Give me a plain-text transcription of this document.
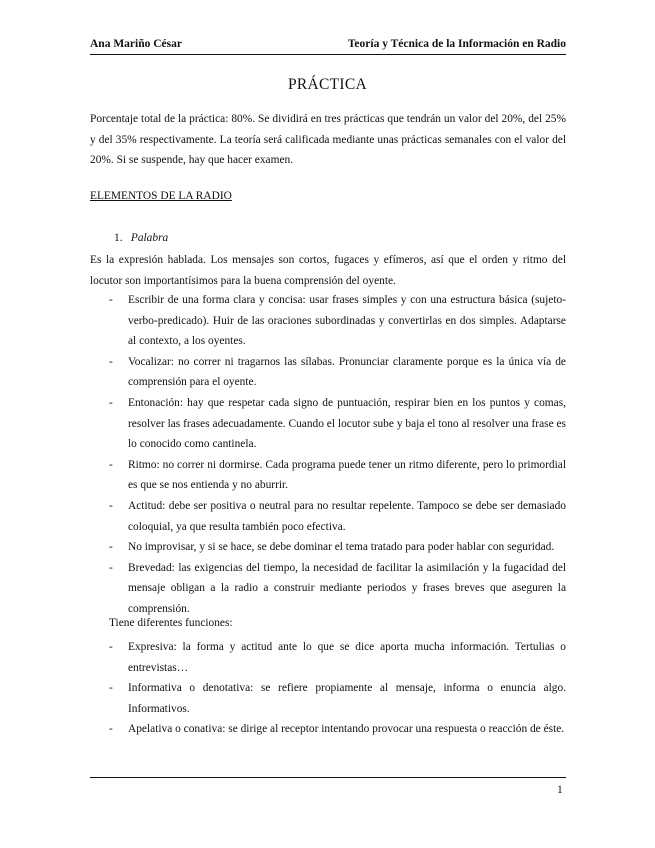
Ana Mariño César	Teoría y Técnica de la Información en Radio
PRÁCTICA
Porcentaje total de la práctica: 80%. Se dividirá en tres prácticas que tendrán un valor del 20%, del 25% y del 35% respectivamente. La teoría será calificada mediante unas prácticas semanales con el valor del 20%. Si se suspende, hay que hacer examen.
ELEMENTOS DE LA RADIO
1. Palabra
Es la expresión hablada. Los mensajes son cortos, fugaces y efímeros, así que el orden y ritmo del locutor son importantísimos para la buena comprensión del oyente.
- Escribir de una forma clara y concisa: usar frases simples y con una estructura básica (sujeto-verbo-predicado). Huir de las oraciones subordinadas y convertirlas en dos simples. Adaptarse al contexto, a los oyentes.
- Vocalizar: no correr ni tragarnos las sílabas. Pronunciar claramente porque es la única vía de comprensión para el oyente.
- Entonación: hay que respetar cada signo de puntuación, respirar bien en los puntos y comas, resolver las frases adecuadamente. Cuando el locutor sube y baja el tono al resolver una frase es lo conocido como cantinela.
- Ritmo: no correr ni dormirse. Cada programa puede tener un ritmo diferente, pero lo primordial es que se nos entienda y no aburrir.
- Actitud: debe ser positiva o neutral para no resultar repelente. Tampoco se debe ser demasiado coloquial, ya que resulta también poco efectiva.
- No improvisar, y si se hace, se debe dominar el tema tratado para poder hablar con seguridad.
- Brevedad: las exigencias del tiempo, la necesidad de facilitar la asimilación y la fugacidad del mensaje obligan a la radio a construir mediante periodos y frases breves que aseguren la comprensión.
Tiene diferentes funciones:
- Expresiva: la forma y actitud ante lo que se dice aporta mucha información. Tertulias o entrevistas…
- Informativa o denotativa: se refiere propiamente al mensaje, informa o enuncia algo. Informativos.
- Apelativa o conativa: se dirige al receptor intentando provocar una respuesta o reacción de éste.
1
